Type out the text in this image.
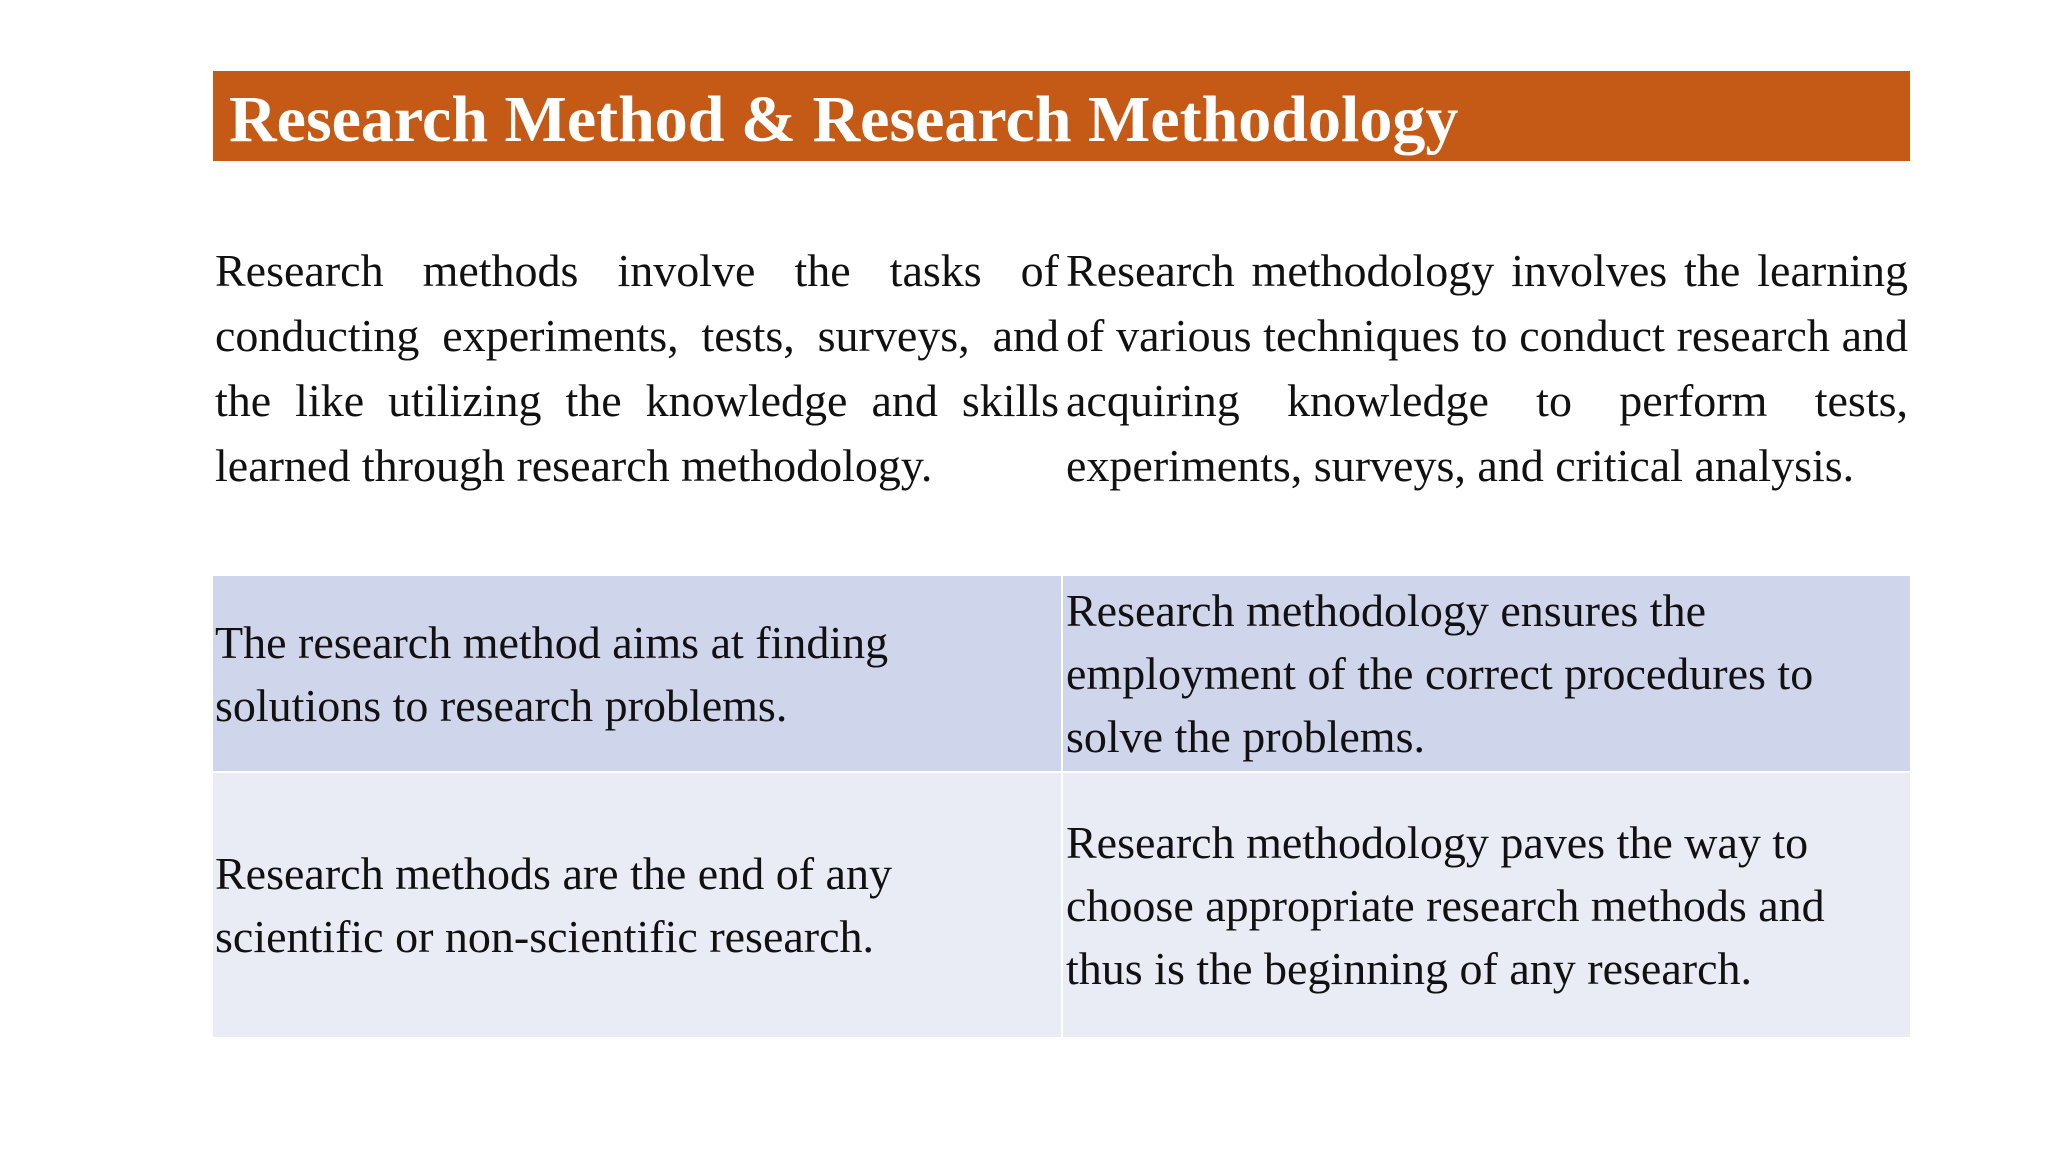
Research Method & Research Methodology
Research methods involve the tasks of conducting experiments, tests, surveys, and the like utilizing the knowledge and skills learned through research methodology.
Research methodology involves the learning of various techniques to conduct research and acquiring knowledge to perform tests, experiments, surveys, and critical analysis.
The research method aims at finding solutions to research problems.
Research methodology ensures the employment of the correct procedures to solve the problems.
Research methods are the end of any scientific or non-scientific research.
Research methodology paves the way to choose appropriate research methods and thus is the beginning of any research.
